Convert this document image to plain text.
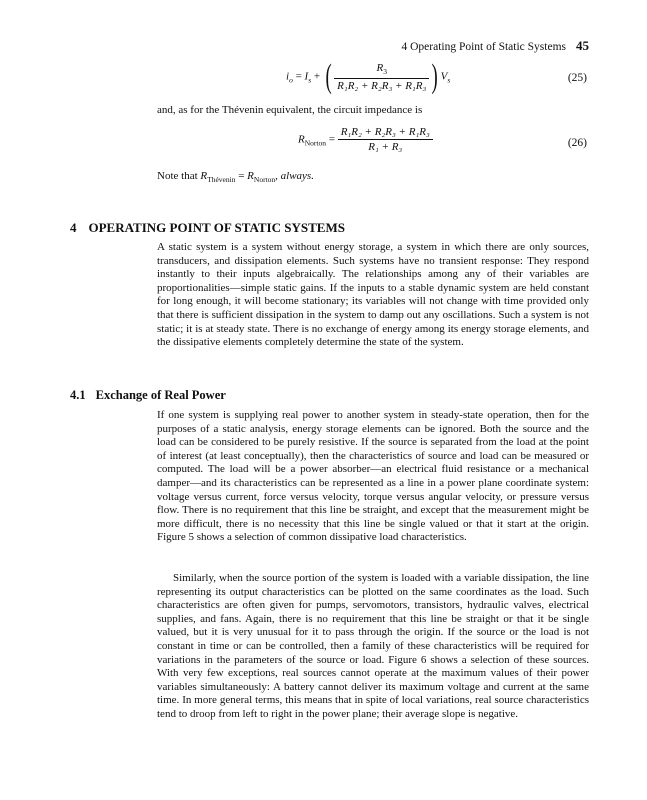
4 Operating Point of Static Systems 45
$i_o = I_s$ + ( $\frac{R_3}{\text{R₁R₂ + R₂R₃ + R₁R₃}}$ ) $V_s$	(25)
and, as for the Thévenin equivalent, the circuit impedance is
$R_{Norton} = \frac{\text{R₁R₂ + R₂R₃ + R₁R₃}}{\text{R₁ + R₃}}$	(26)
Note that $R_{Thévenin} = R_{Norton}$, always.
4 OPERATING POINT OF STATIC SYSTEMS
A static system is a system without energy storage, a system in which there are only sources, transducers, and dissipation elements. Such systems have no transient response: They respond instantly to their inputs algebraically. The relationships among any of their variables are proportionalities—simple static gains. If the inputs to a stable dynamic system are held constant for long enough, it will become stationary; its variables will not change with time provided only that there is sufficient dissipation in the system to damp out any oscillations. Such a system is not static; it is at steady state. There is no exchange of energy among its energy storage elements, and the dissipative elements completely determine the state of the system.
4.1 Exchange of Real Power
If one system is supplying real power to another system in steady-state operation, then for the purposes of a static analysis, energy storage elements can be ignored. Both the source and the load can be considered to be purely resistive. If the source is separated from the load at the point of interest (at least conceptually), then the characteristics of source and load can be measured or computed. The load will be a power absorber—an electrical fluid resistance or a mechanical damper—and its characteristics can be represented as a line in a power plane coordinate system: voltage versus current, force versus velocity, torque versus angular velocity, or pressure versus flow. There is no requirement that this line be straight, and except that the measurement might be more difficult, there is no necessity that this line be single valued or that it start at the origin. Figure 5 shows a selection of common dissipative load characteristics.
Similarly, when the source portion of the system is loaded with a variable dissipation, the line representing its output characteristics can be plotted on the same coordinates as the load. Such characteristics are often given for pumps, servomotors, transistors, hydraulic valves, electrical supplies, and fans. Again, there is no requirement that this line be straight or that it be single valued, but it is very unusual for it to pass through the origin. If the source or the load is not constant in time or can be controlled, then a family of these characteristics will be required for variations in the parameters of the source or load. Figure 6 shows a selection of these sources. With very few exceptions, real sources cannot operate at the maximum values of their power variables simultaneously: A battery cannot deliver its maximum voltage and current at the same time. In more general terms, this means that in spite of local variations, real source characteristics tend to droop from left to right in the power plane; their average slope is negative.
